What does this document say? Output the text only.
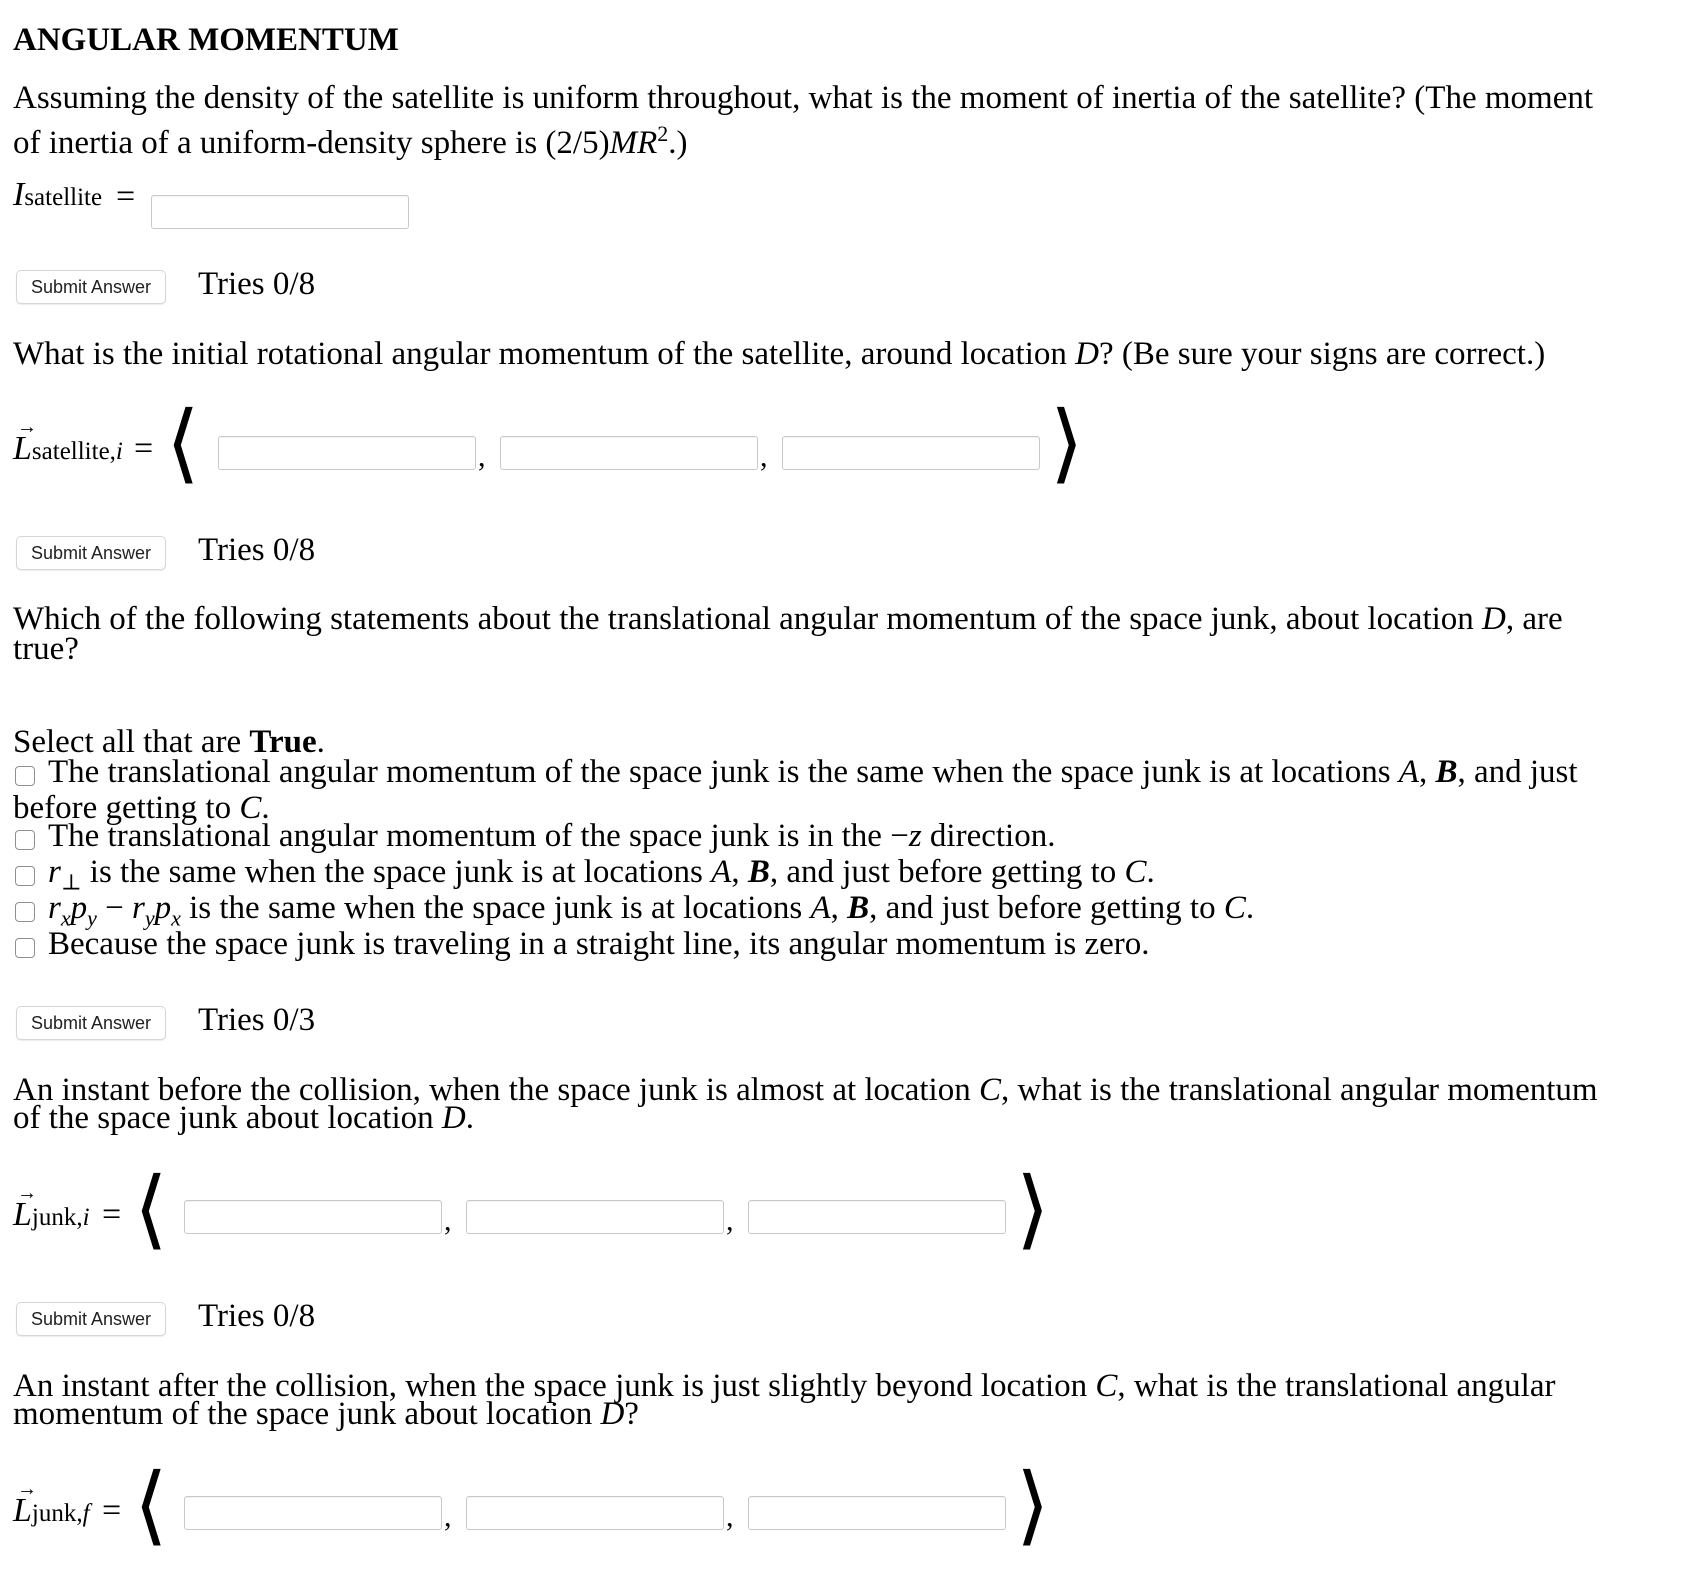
ANGULAR MOMENTUM
Assuming the density of the satellite is uniform throughout, what is the moment of inertia of the satellite? (The moment
of inertia of a uniform-density sphere is $(2/5)MR^2$.)
Isatellite =
Submit Answer	Tries 0/8
What is the initial rotational angular momentum of the satellite, around location D? (Be sure your signs are correct.)
→ Lsatellite,i = ⟨	,	,	⟩
Submit Answer	Tries 0/8
Which of the following statements about the translational angular momentum of the space junk, about location D, are
true?
Select all that are True.
The translational angular momentum of the space junk is the same when the space junk is at locations A, B, and just
before getting to C.
The translational angular momentum of the space junk is in the −z direction.
$r_\perp$ is the same when the space junk is at locations A, B, and just before getting to C.
$r_xp_y - r_yp_x$ is the same when the space junk is at locations A, B, and just before getting to C.
Because the space junk is traveling in a straight line, its angular momentum is zero.
Submit Answer	Tries 0/3
An instant before the collision, when the space junk is almost at location C, what is the translational angular momentum
of the space junk about location D.
→ Ljunk,i = ⟨	,	,	⟩
Submit Answer	Tries 0/8
An instant after the collision, when the space junk is just slightly beyond location C, what is the translational angular
momentum of the space junk about location D?
→ Ljunk,f = ⟨	,	,	⟩
